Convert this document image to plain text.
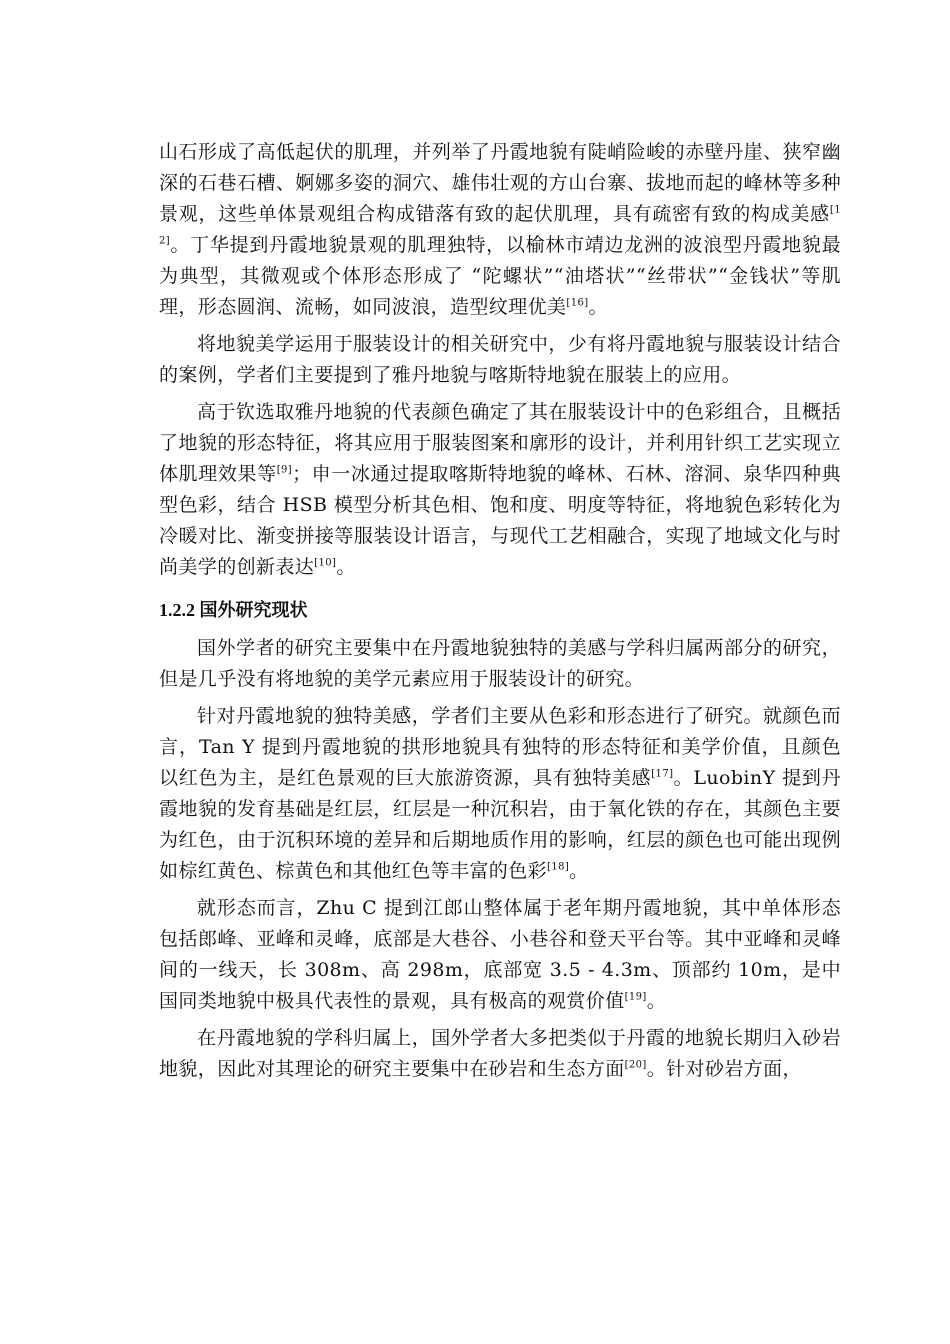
山石形成了高低起伏的肌理，并列举了丹霞地貌有陡峭险峻的赤壁丹崖、狭窄幽深的石巷石槽、婀娜多姿的洞穴、雄伟壮观的方山台寨、拔地而起的峰林等多种景观，这些单体景观组合构成错落有致的起伏肌理，具有疏密有致的构成美感[12]。丁华提到丹霞地貌景观的肌理独特，以榆林市靖边龙洲的波浪型丹霞地貌最为典型，其微观或个体形态形成了 “陀螺状”“油塔状”“丝带状”“金钱状”等肌理，形态圆润、流畅，如同波浪，造型纹理优美[16]。

将地貌美学运用于服装设计的相关研究中，少有将丹霞地貌与服装设计结合的案例，学者们主要提到了雅丹地貌与喀斯特地貌在服装上的应用。

高于钦选取雅丹地貌的代表颜色确定了其在服装设计中的色彩组合，且概括了地貌的形态特征，将其应用于服装图案和廓形的设计，并利用针织工艺实现立体肌理效果等[9]；申一冰通过提取喀斯特地貌的峰林、石林、溶洞、泉华四种典型色彩，结合 HSB 模型分析其色相、饱和度、明度等特征，将地貌色彩转化为冷暖对比、渐变拼接等服装设计语言，与现代工艺相融合，实现了地域文化与时尚美学的创新表达[10]。

1.2.2 国外研究现状

国外学者的研究主要集中在丹霞地貌独特的美感与学科归属两部分的研究，但是几乎没有将地貌的美学元素应用于服装设计的研究。

针对丹霞地貌的独特美感，学者们主要从色彩和形态进行了研究。就颜色而言，Tan Y 提到丹霞地貌的拱形地貌具有独特的形态特征和美学价值，且颜色以红色为主，是红色景观的巨大旅游资源，具有独特美感[17]。LuobinY 提到丹霞地貌的发育基础是红层，红层是一种沉积岩，由于氧化铁的存在，其颜色主要为红色，由于沉积环境的差异和后期地质作用的影响，红层的颜色也可能出现例如棕红黄色、棕黄色和其他红色等丰富的色彩[18]。

就形态而言，Zhu C 提到江郎山整体属于老年期丹霞地貌，其中单体形态包括郎峰、亚峰和灵峰，底部是大巷谷、小巷谷和登天平台等。其中亚峰和灵峰间的一线天，长 308m、高 298m，底部宽 3.5 - 4.3m、顶部约 10m，是中国同类地貌中极具代表性的景观，具有极高的观赏价值[19]。

在丹霞地貌的学科归属上，国外学者大多把类似于丹霞的地貌长期归入砂岩地貌，因此对其理论的研究主要集中在砂岩和生态方面[20]。针对砂岩方面，
